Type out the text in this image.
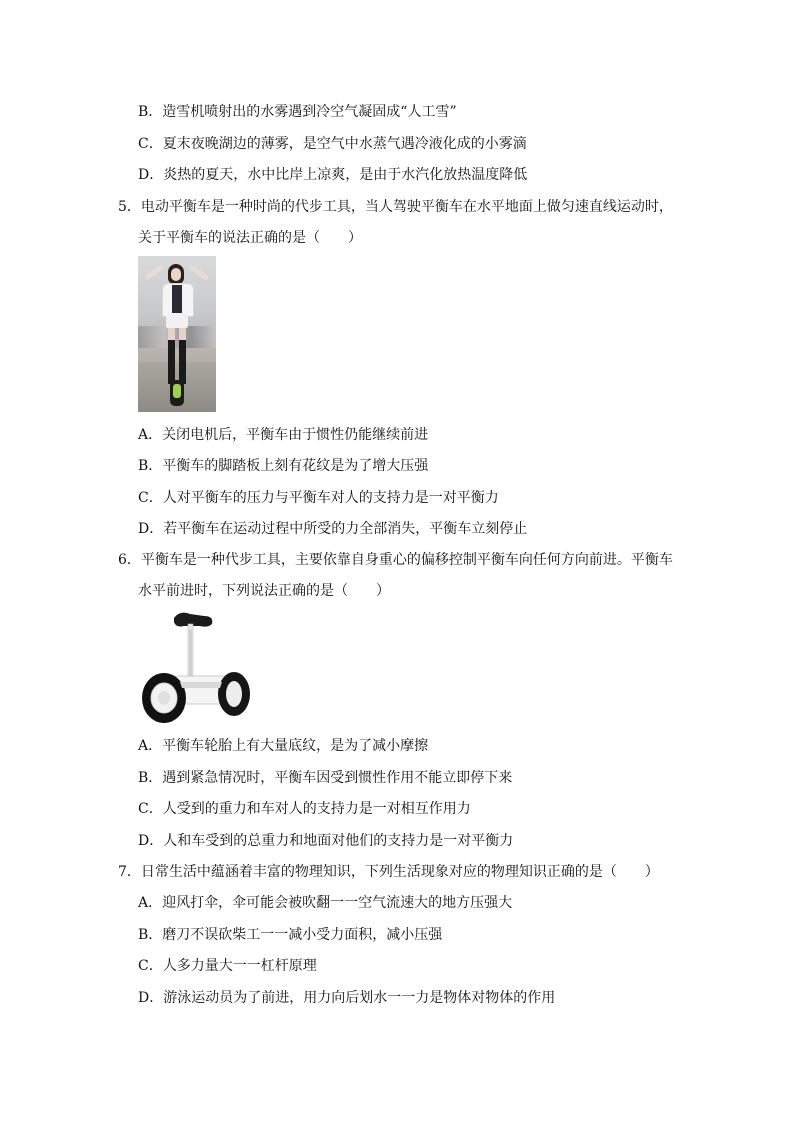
B．造雪机喷射出的水雾遇到冷空气凝固成“人工雪”
C．夏末夜晚湖边的薄雾，是空气中水蒸气遇冷液化成的小雾滴
D．炎热的夏天，水中比岸上凉爽，是由于水汽化放热温度降低
5．电动平衡车是一种时尚的代步工具，当人驾驶平衡车在水平地面上做匀速直线运动时，
关于平衡车的说法正确的是（　　）
A．关闭电机后，平衡车由于惯性仍能继续前进
B．平衡车的脚踏板上刻有花纹是为了增大压强
C．人对平衡车的压力与平衡车对人的支持力是一对平衡力
D．若平衡车在运动过程中所受的力全部消失，平衡车立刻停止
6．平衡车是一种代步工具，主要依靠自身重心的偏移控制平衡车向任何方向前进。平衡车
水平前进时，下列说法正确的是（　　）
A．平衡车轮胎上有大量底纹，是为了减小摩擦
B．遇到紧急情况时，平衡车因受到惯性作用不能立即停下来
C．人受到的重力和车对人的支持力是一对相互作用力
D．人和车受到的总重力和地面对他们的支持力是一对平衡力
7．日常生活中蕴涵着丰富的物理知识，下列生活现象对应的物理知识正确的是（　　）
A．迎风打伞，伞可能会被吹翻一一空气流速大的地方压强大
B．磨刀不误砍柴工一一减小受力面积，减小压强
C．人多力量大一一杠杆原理
D．游泳运动员为了前进，用力向后划水一一力是物体对物体的作用
